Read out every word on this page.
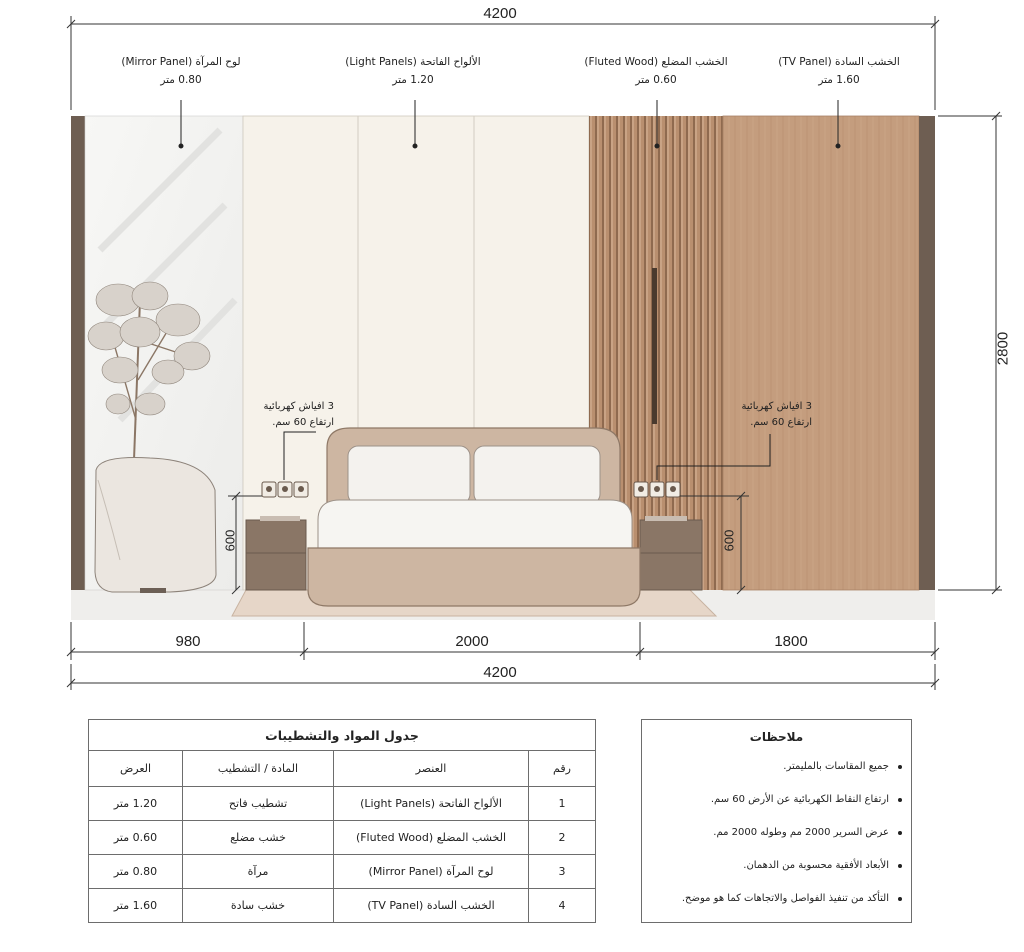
4200
2800
600	600
980	2000	1800
4200
لوح المرآة (Mirror Panel)
0.80 متر
الألواح الفاتحة (Light Panels)
1.20 متر
الخشب المضلع (Fluted Wood)
0.60 متر
الخشب السادة (TV Panel)
1.60 متر
3 افياش كهربائية
ارتفاع 60 سم.
3 افياش كهربائية
ارتفاع 60 سم.
جدول المواد والتشطيبات			
رقم	العنصر	المادة / التشطيب	العرض
1	الألواح الفاتحة (Light Panels)	تشطيب فاتح	1.20 متر
2	الخشب المضلع (Fluted Wood)	خشب مضلع	0.60 متر
3	لوح المرآة (Mirror Panel)	مرآة	0.80 متر
4	الخشب السادة (TV Panel)	خشب سادة	1.60 متر
ملاحظات
جميع المقاسات بالمليمتر.
ارتفاع النقاط الكهربائية عن الأرض 60 سم.
عرض السرير 2000 مم وطوله 2000 مم.
الأبعاد الأفقية محسوبة من الدهمان.
التأكد من تنفيذ الفواصل والاتجاهات كما هو موضح.
